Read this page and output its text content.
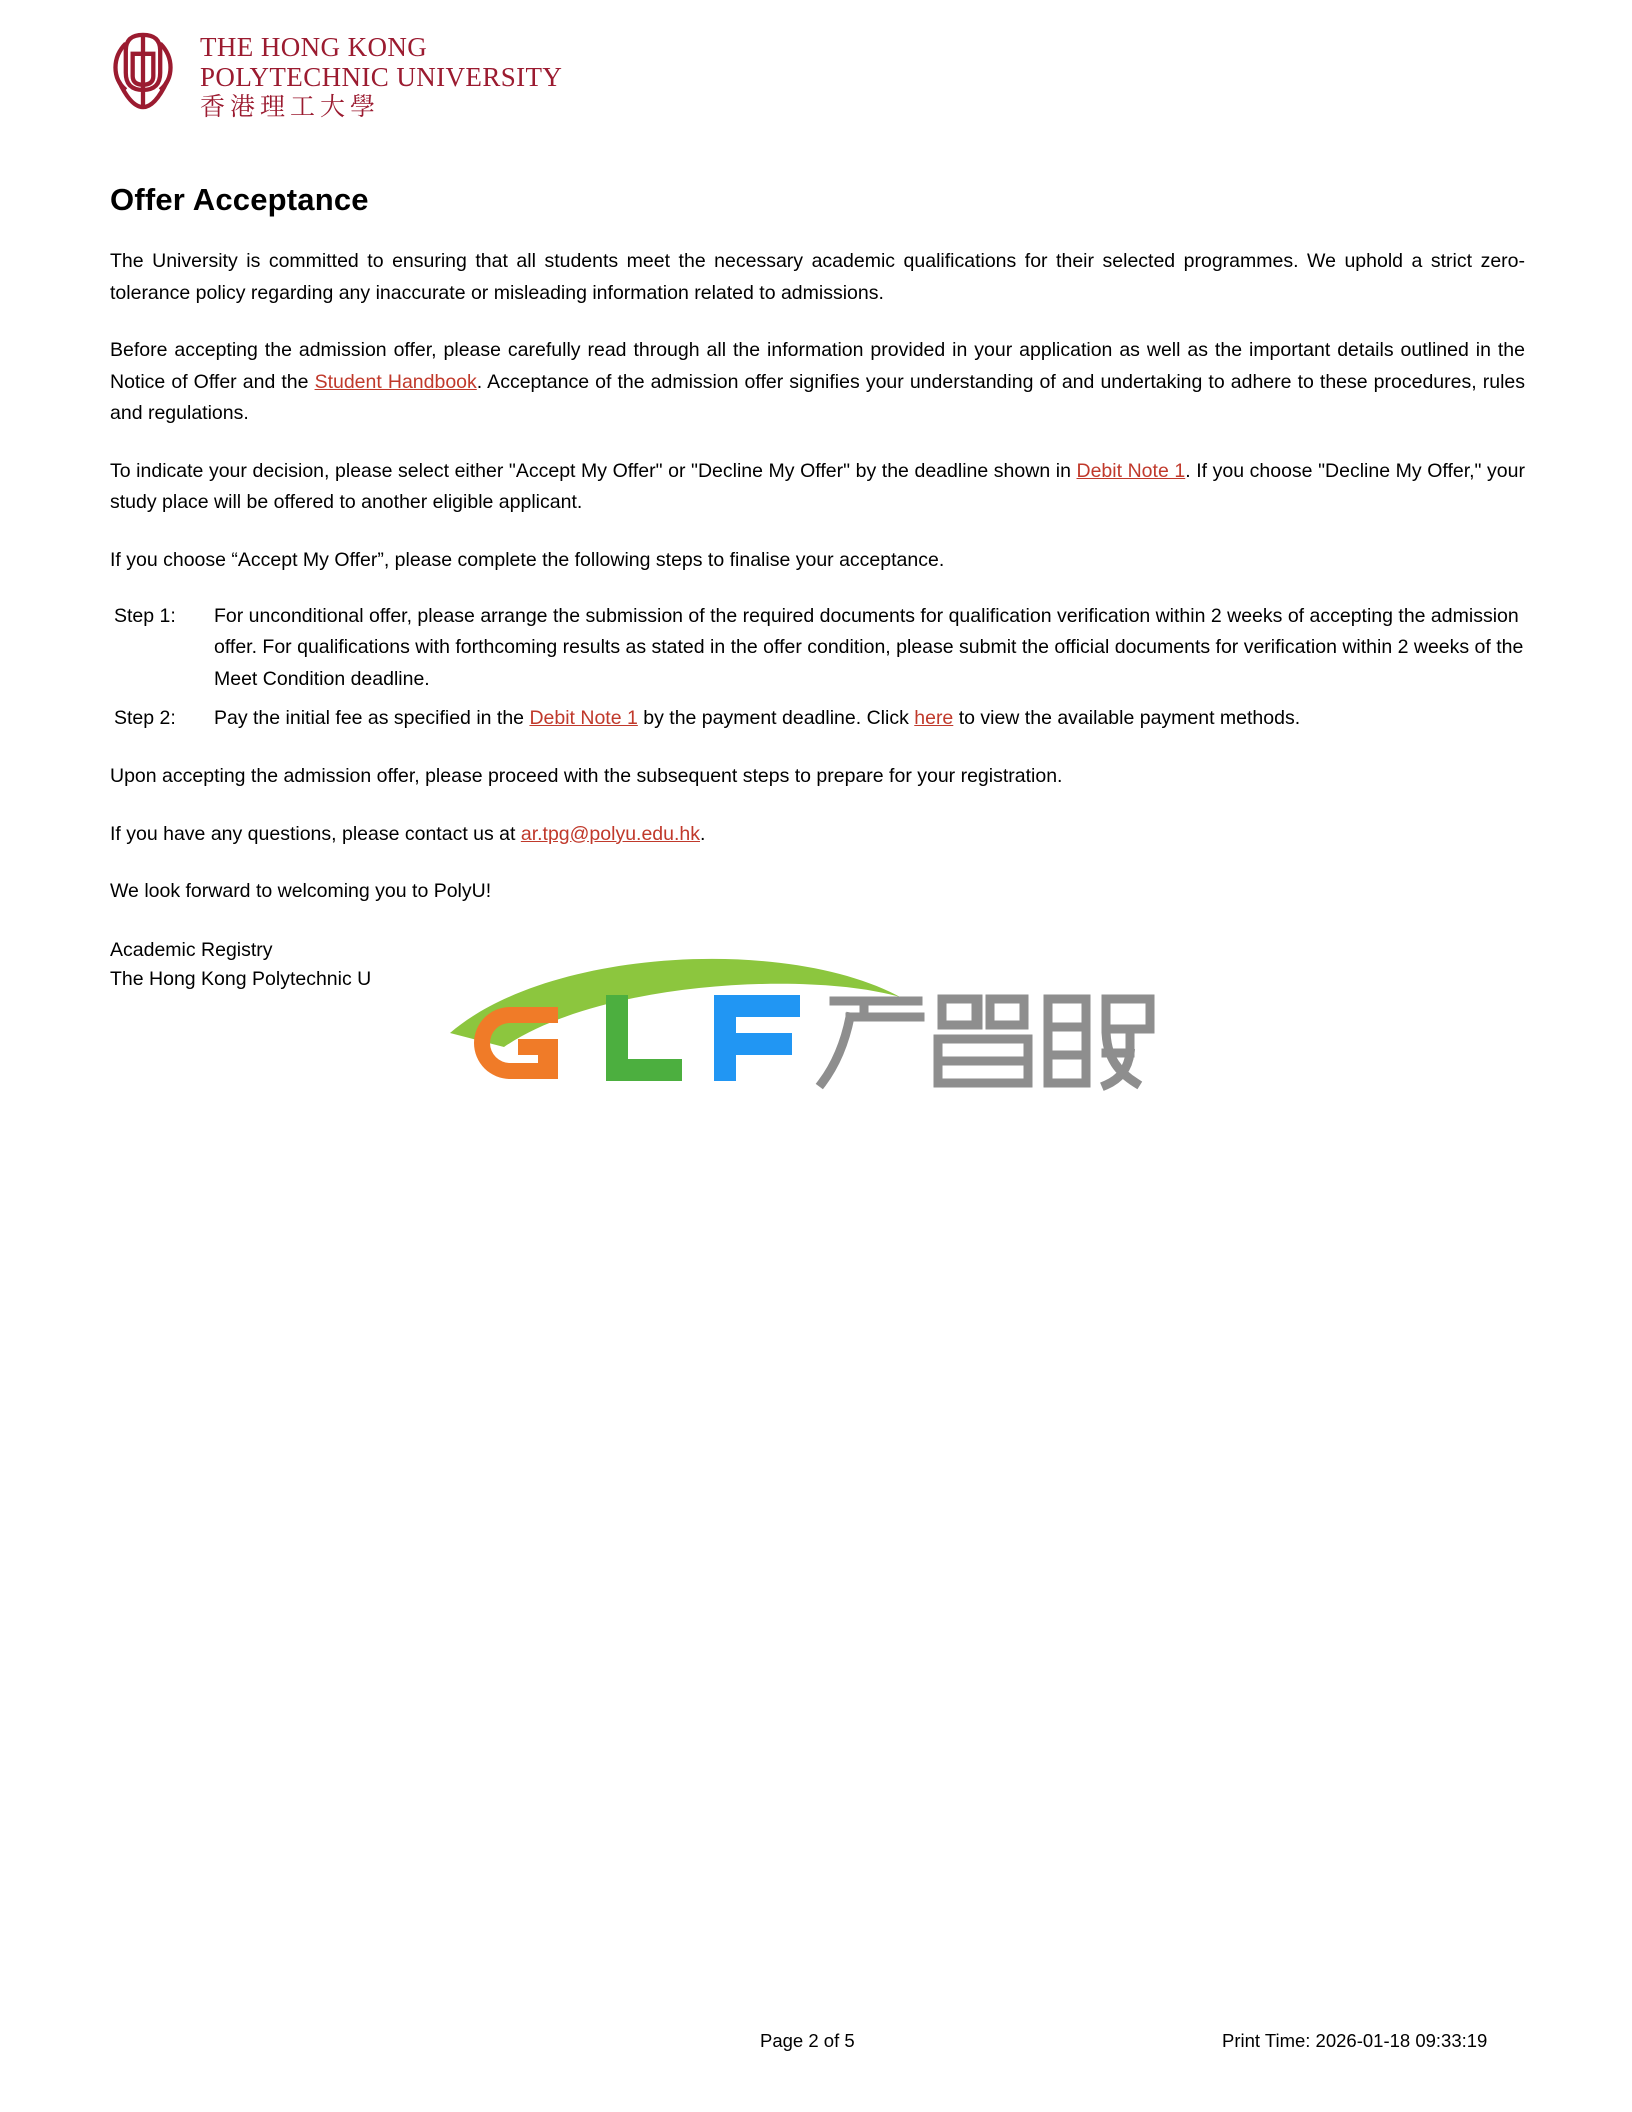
THE HONG KONG
POLYTECHNIC UNIVERSITY
香港理工大學
Offer Acceptance

The University is committed to ensuring that all students meet the necessary academic qualifications for their selected programmes. We uphold a strict zero-tolerance policy regarding any inaccurate or misleading information related to admissions.

Before accepting the admission offer, please carefully read through all the information provided in your application as well as the important details outlined in the Notice of Offer and the Student Handbook. Acceptance of the admission offer signifies your understanding of and undertaking to adhere to these procedures, rules and regulations.

To indicate your decision, please select either "Accept My Offer" or "Decline My Offer" by the deadline shown in Debit Note 1. If you choose "Decline My Offer," your study place will be offered to another eligible applicant.

If you choose “Accept My Offer”, please complete the following steps to finalise your acceptance.

Step 1:	For unconditional offer, please arrange the submission of the required documents for qualification verification within 2 weeks of accepting the admission offer. For qualifications with forthcoming results as stated in the offer condition, please submit the official documents for verification within 2 weeks of the Meet Condition deadline.
Step 2:	Pay the initial fee as specified in the Debit Note 1 by the payment deadline. Click here to view the available payment methods.

Upon accepting the admission offer, please proceed with the subsequent steps to prepare for your registration.

If you have any questions, please contact us at ar.tpg@polyu.edu.hk.

We look forward to welcoming you to PolyU!

Academic Registry
The Hong Kong Polytechnic U
Page 2 of 5	Print Time: 2026-01-18 09:33:19
